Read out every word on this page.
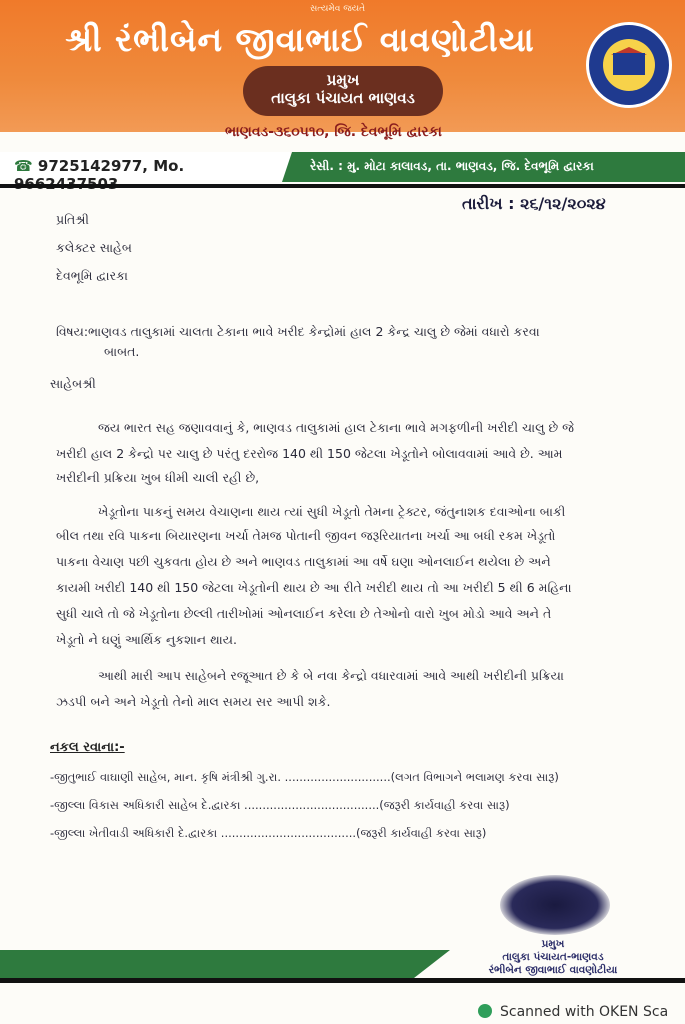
સત્યમેવ જયતે
શ્રી રંભીબેન જીવાભાઈ વાવણોટીયા
પ્રમુખ
તાલુકા પંચાયત ભાણવડ
ભાણવડ-૩૬૦૫૧૦, જિ. દેવભૂમિ દ્વારકા
☎ 9725142977, Mo.	રેસી. : મુ. મોટા કાલાવડ, તા. ભાણવડ, જિ. દેવભૂમિ દ્વારકા
તારીખ : ૨૬/૧૨/૨૦૨૪
પ્રતિશ્રી
કલેક્ટર સાહેબ
દેવભૂમિ દ્વારકા
વિષય:ભાણવડ તાલુકામાં ચાલતા ટેકાના ભાવે ખરીદ કેન્દ્રોમાં હાલ 2 કેન્દ્ર ચાલુ છે જેમાં વધારો કરવા
બાબત.
સાહેબશ્રી
જય ભારત સહ જણાવવાનું કે, ભાણવડ તાલુકામાં હાલ ટેકાના ભાવે મગફળીની ખરીદી ચાલુ છે જે
ખરીદી હાલ 2 કેન્દ્રો પર ચાલુ છે પરંતુ દરરોજ 140 થી 150 જેટલા ખેડૂતોને બોલાવવામાં આવે છે. આમ
ખરીદીની પ્રક્રિયા ખુબ ધીમી ચાલી રહી છે,
ખેડૂતોના પાકનું સમય વેચાણના થાય ત્યાં સુધી ખેડૂતો તેમના ટ્રેક્ટર, જંતુનાશક દવાઓના બાકી
બીલ તથા રવિ પાકના બિયારણના ખર્ચા તેમજ પોતાની જીવન જરૂરિયાતના ખર્ચા આ બધી રકમ ખેડૂતો
પાકના વેચાણ પછી ચુકવતા હોય છે અને ભાણવડ તાલુકામાં આ વર્ષે ઘણા ઓનલાઈન થયેલા છે અને
કાયમી ખરીદી 140 થી 150 જેટલા ખેડૂતોની થાય છે આ રીતે ખરીદી થાય તો આ ખરીદી 5 થી 6 મહિના
સુધી ચાલે તો જે ખેડૂતોના છેલ્લી તારીખોમાં ઓનલાઈન કરેલા છે તેઓનો વારો ખુબ મોડો આવે અને તે
ખેડૂતો ને ઘણું આર્થિક નુકશાન થાય.
આથી મારી આપ સાહેબને રજૂઆત છે કે બે નવા કેન્દ્રો વધારવામાં આવે આથી ખરીદીની પ્રક્રિયા
ઝડપી બને અને ખેડૂતો તેનો માલ સમય સર આપી શકે.
નકલ રવાના:-
-જીતુભાઈ વાઘાણી સાહેબ, માન. કૃષિ મંત્રીશ્રી ગુ.રા. .............................(લગત વિભાગને ભલામણ કરવા સારૂ)
-જીલ્લા વિકાસ અધિકારી સાહેબ દે.દ્વારકા .....................................(જરૂરી કાર્યવાહી કરવા સારૂ)
-જીલ્લા ખેતીવાડી અધિકારી દે.દ્વારકા .....................................(જરૂરી કાર્યવાહી કરવા સારૂ)
પ્રમુખ
તાલુકા પંચાયત-ભાણવડ
રંભીબેન જીવાભાઈ વાવણોટીયા
Scanned with OKEN Sca
